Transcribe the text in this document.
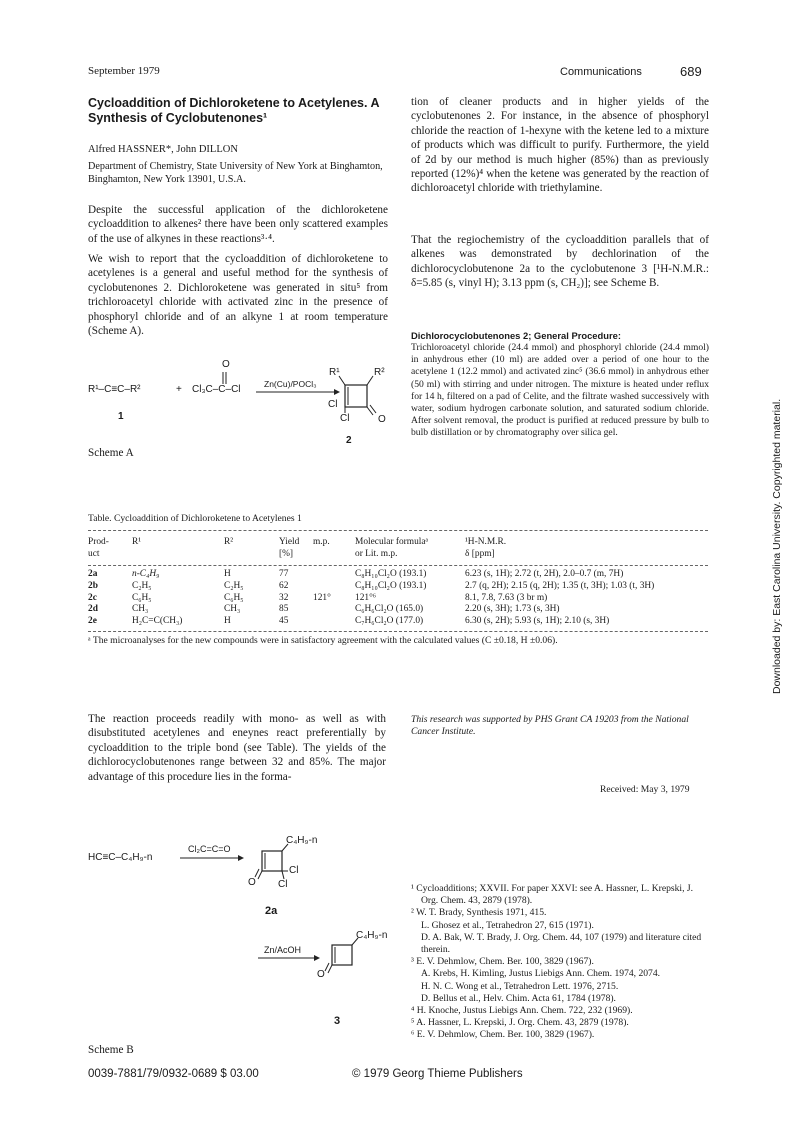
September 1979	Communications	689
Cycloaddition of Dichloroketene to Acetylenes. A Synthesis of Cyclobutenones¹
Alfred HASSNER*, John DILLON
Department of Chemistry, State University of New York at Binghamton, Binghamton, New York 13901, U.S.A.
Despite the successful application of the dichloroketene cycloaddition to alkenes² there have been only scattered examples of the use of alkynes in these reactions³·⁴.
We wish to report that the cycloaddition of dichloroketene to acetylenes is a general and useful method for the synthesis of cyclobutenones 2. Dichloroketene was generated in situ⁵ from trichloroacetyl chloride with activated zinc in the presence of phosphoryl chloride and of an alkyne 1 at room temperature (Scheme A).
R¹–C≡C–R²	+ Cl₃C–C–Cl
O
Zn(Cu)/POCl₃
1
R¹	R²
Cl
Cl	O
2
Scheme A
tion of cleaner products and in higher yields of the cyclobutenones 2. For instance, in the absence of phosphoryl chloride the reaction of 1-hexyne with the ketene led to a mixture of products which was difficult to purify. Furthermore, the yield of 2d by our method is much higher (85%) than as previously reported (12%)⁴ when the ketene was generated by the reaction of dichloroacetyl chloride with triethylamine.
That the regiochemistry of the cycloaddition parallels that of alkenes was demonstrated by dechlorination of the dichlorocyclobutenone 2a to the cyclobutenone 3 [¹H-N.M.R.: δ=5.85 (s, vinyl H); 3.13 ppm (s, CH₂)]; see Scheme B.
Dichlorocyclobutenones 2; General Procedure:
Trichloroacetyl chloride (24.4 mmol) and phosphoryl chloride (24.4 mmol) in anhydrous ether (10 ml) are added over a period of one hour to the acetylene 1 (12.2 mmol) and activated zinc⁵ (36.6 mmol) in anhydrous ether (50 ml) with stirring and under nitrogen. The mixture is heated under reflux for 14 h, filtered on a pad of Celite, and the filtrate washed successively with water, sodium hydrogen carbonate solution, and saturated sodium chloride. After solvent removal, the product is purified at reduced pressure by bulb to bulb distillation or by chromatography over silica gel.
Table. Cycloaddition of Dichloroketene to Acetylenes 1
Prod-	R¹	R²	Yield	m.p.	Molecular formulaᵃ	¹H-N.M.R.
uct			[%]		or Lit. m.p.	δ [ppm]
2a	n-C₄H₉	H	77		C₈H₁₀Cl₂O (193.1)	6.23 (s, 1H); 2.72 (t, 2H), 2.0–0.7 (m, 7H)
2b	C₂H₅	C₂H₅	62		C₈H₁₀Cl₂O (193.1)	2.7 (q, 2H); 2.15 (q, 2H); 1.35 (t, 3H); 1.03 (t, 3H)
2c	C₆H₅	C₆H₅	32	121°	121°⁶	8.1, 7.8, 7.63 (3 br m)
2d	CH₃	CH₃	85		C₆H₆Cl₂O (165.0)	2.20 (s, 3H); 1.73 (s, 3H)
2e	H₂C=C(CH₃)	H	45		C₇H₆Cl₂O (177.0)	6.30 (s, 2H); 5.93 (s, 1H); 2.10 (s, 3H)
ᵃ The microanalyses for the new compounds were in satisfactory agreement with the calculated values (C ±0.18, H ±0.06).
The reaction proceeds readily with mono- as well as with disubstituted acetylenes and eneynes react preferentially by cycloaddition to the triple bond (see Table). The yields of the dichlorocyclobutenones range between 32 and 85%. The major advantage of this procedure lies in the forma-
HC≡C–C₄H₉-n
Cl₂C=C=O
C₄H₉-n
Cl
Cl
O
2a
Zn/AcOH
C₄H₉-n
O
3
Scheme B
This research was supported by PHS Grant CA 19203 from the National Cancer Institute.
Received: May 3, 1979
¹ Cycloadditions; XXVII. For paper XXVI: see A. Hassner, L. Krepski, J. Org. Chem. 43, 2879 (1978).
² W. T. Brady, Synthesis 1971, 415.
L. Ghosez et al., Tetrahedron 27, 615 (1971).
D. A. Bak, W. T. Brady, J. Org. Chem. 44, 107 (1979) and literature cited therein.
³ E. V. Dehmlow, Chem. Ber. 100, 3829 (1967).
A. Krebs, H. Kimling, Justus Liebigs Ann. Chem. 1974, 2074.
H. N. C. Wong et al., Tetrahedron Lett. 1976, 2715.
D. Bellus et al., Helv. Chim. Acta 61, 1784 (1978).
⁴ H. Knoche, Justus Liebigs Ann. Chem. 722, 232 (1969).
⁵ A. Hassner, L. Krepski, J. Org. Chem. 43, 2879 (1978).
⁶ E. V. Dehmlow, Chem. Ber. 100, 3829 (1967).
0039-7881/79/0932-0689 $ 03.00	© 1979 Georg Thieme Publishers
Downloaded by: East Carolina University. Copyrighted material.
